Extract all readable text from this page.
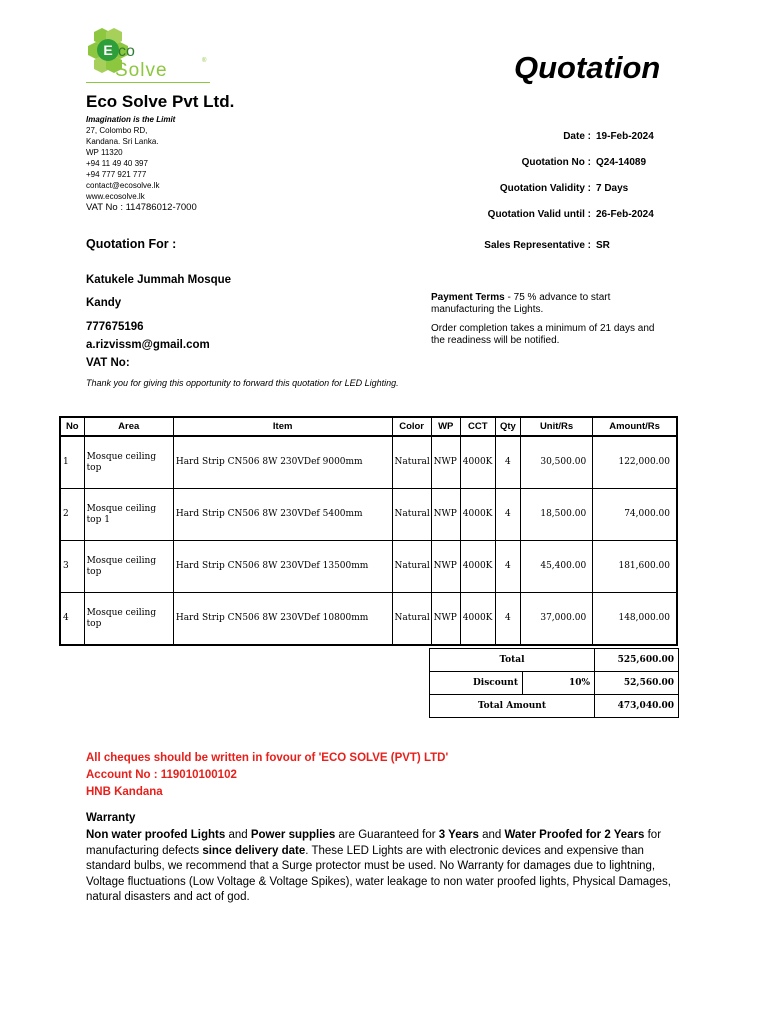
E co
Solve	®	Quotation
Eco Solve Pvt Ltd.
Imagination is the Limit
27, Colombo RD,
Kandana. Sri Lanka.
WP 11320
+94 11 49 40 397
+94 777 921 777
contact@ecosolve.lk
www.ecosolve.lk
VAT No : 114786012-7000
Date : 19-Feb-2024
Quotation No : Q24-14089
Quotation Validity : 7 Days
Quotation Valid until : 26-Feb-2024
Sales Representative : SR
Quotation For :
Katukele Jummah Mosque
Kandy
777675196
a.rizvissm@gmail.com
VAT No:
Payment Terms - 75 % advance to start manufacturing the Lights.
Order completion takes a minimum of 21 days and the readiness will be notified.
Thank you for giving this opportunity to forward this quotation for LED Lighting.
No	Area	Item	Color	WP	CCT	Qty	Unit/Rs	Amount/Rs
1	Mosque ceiling top	Hard Strip CN506 8W 230VDef 9000mm	Natural	NWP	4000K	4	30,500.00	122,000.00
2	Mosque ceiling top 1	Hard Strip CN506 8W 230VDef 5400mm	Natural	NWP	4000K	4	18,500.00	74,000.00
3	Mosque ceiling top	Hard Strip CN506 8W 230VDef 13500mm	Natural	NWP	4000K	4	45,400.00	181,600.00
4	Mosque ceiling top	Hard Strip CN506 8W 230VDef 10800mm	Natural	NWP	4000K	4	37,000.00	148,000.00
Total		525,600.00
Discount	10%	52,560.00
Total Amount		473,040.00
All cheques should be written in fovour of 'ECO SOLVE (PVT) LTD'
Account No : 119010100102
HNB Kandana
Warranty
Non water proofed Lights and Power supplies are Guaranteed for 3 Years and Water Proofed for 2 Years for manufacturing defects since delivery date. These LED Lights are with electronic devices and expensive than standard bulbs, we recommend that a Surge protector must be used. No Warranty for damages due to lightning, Voltage fluctuations (Low Voltage & Voltage Spikes), water leakage to non water proofed lights, Physical Damages, natural disasters and act of god.
